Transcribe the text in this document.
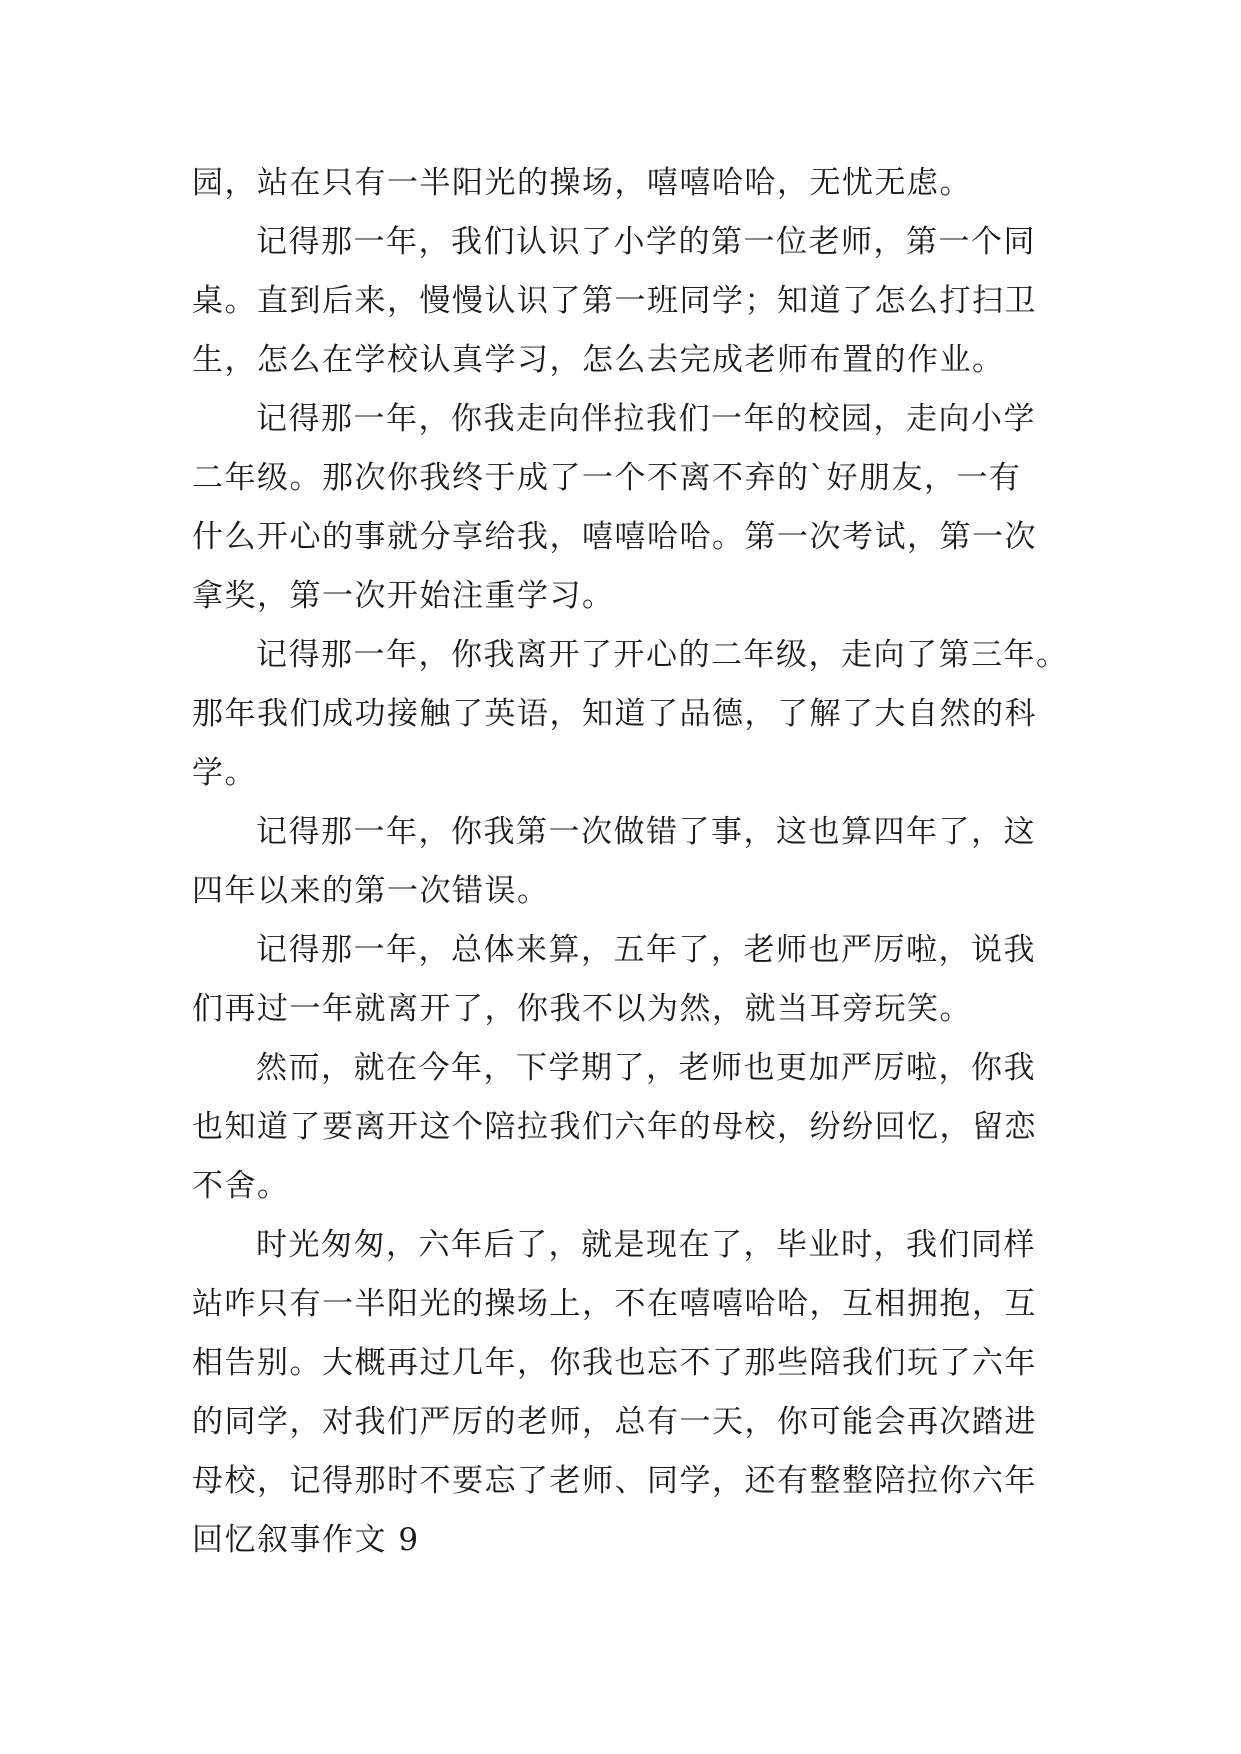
园，站在只有一半阳光的操场，嘻嘻哈哈，无忧无虑。
记得那一年，我们认识了小学的第一位老师，第一个同
桌。直到后来，慢慢认识了第一班同学；知道了怎么打扫卫
生，怎么在学校认真学习，怎么去完成老师布置的作业。
记得那一年，你我走向伴拉我们一年的校园，走向小学
二年级。那次你我终于成了一个不离不弃的`好朋友，一有
什么开心的事就分享给我，嘻嘻哈哈。第一次考试，第一次
拿奖，第一次开始注重学习。
记得那一年，你我离开了开心的二年级，走向了第三年。
那年我们成功接触了英语，知道了品德，了解了大自然的科
学。
记得那一年，你我第一次做错了事，这也算四年了，这
四年以来的第一次错误。
记得那一年，总体来算，五年了，老师也严厉啦，说我
们再过一年就离开了，你我不以为然，就当耳旁玩笑。
然而，就在今年，下学期了，老师也更加严厉啦，你我
也知道了要离开这个陪拉我们六年的母校，纷纷回忆，留恋
不舍。
时光匆匆，六年后了，就是现在了，毕业时，我们同样
站咋只有一半阳光的操场上，不在嘻嘻哈哈，互相拥抱，互
相告别。大概再过几年，你我也忘不了那些陪我们玩了六年
的同学，对我们严厉的老师，总有一天，你可能会再次踏进
母校，记得那时不要忘了老师、同学，还有整整陪拉你六年
回忆叙事作文 9
